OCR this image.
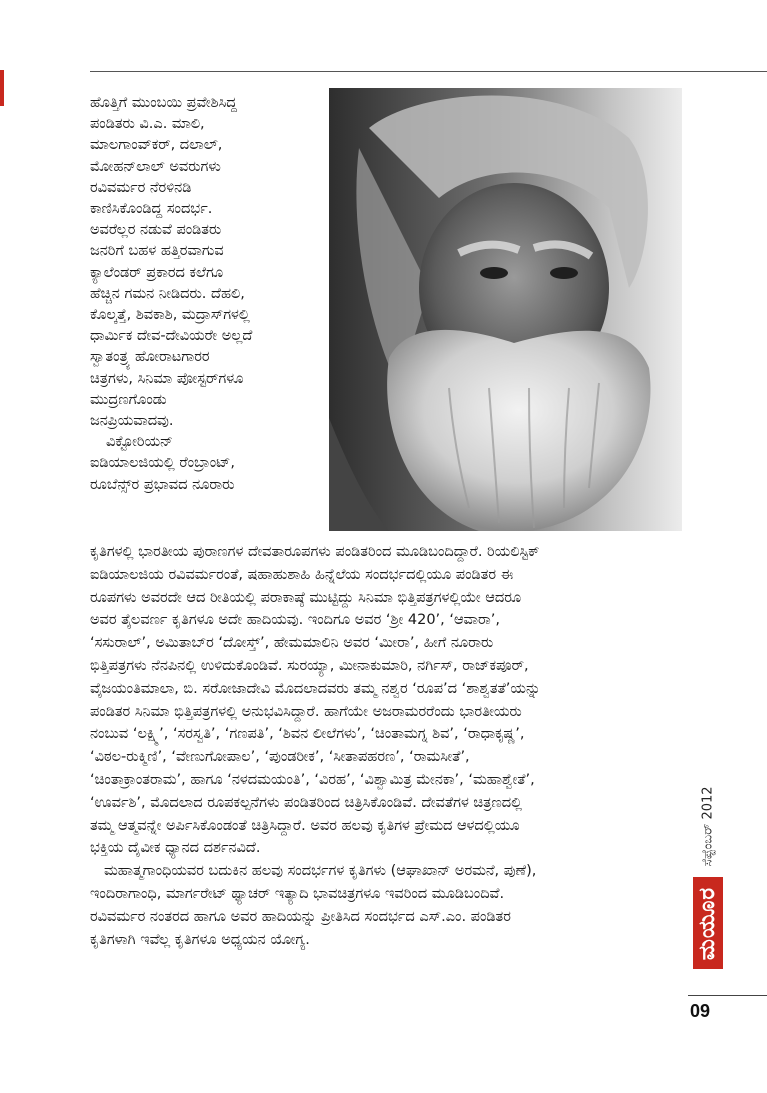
ಹೊತ್ತಿಗೆ ಮುಂಬಯಿ ಪ್ರವೇಶಿಸಿದ್ದ

ಪಂಡಿತರು ವಿ.ಎ. ಮಾಲಿ,

ಮಾಲಗಾಂವ್‌ಕರ್, ದಲಾಲ್,

ಮೋಹನ್‌ಲಾಲ್ ಅವರುಗಳು

ರವಿವರ್ಮರ ನೆರಳಿನಡಿ

ಕಾಣಿಸಿಕೊಂಡಿದ್ದ ಸಂದರ್ಭ.

ಅವರೆಲ್ಲರ ನಡುವೆ ಪಂಡಿತರು

ಜನರಿಗೆ ಬಹಳ ಹತ್ತಿರವಾಗುವ

ಕ್ಯಾಲೆಂಡರ್ ಪ್ರಕಾರದ ಕಲೆಗೂ

ಹೆಚ್ಚಿನ ಗಮನ ನೀಡಿದರು. ದೆಹಲಿ,

ಕೊಲ್ಕತ್ತೆ, ಶಿವಕಾಶಿ, ಮದ್ರಾಸ್‌ಗಳಲ್ಲಿ

ಧಾರ್ಮಿಕ ದೇವ-ದೇವಿಯರೇ ಅಲ್ಲದೆ

ಸ್ವಾತಂತ್ರ್ಯ ಹೋರಾಟಗಾರರ

ಚಿತ್ರಗಳು, ಸಿನಿಮಾ ಪೋಸ್ಟರ್‌ಗಳೂ

ಮುದ್ರಣಗೊಂಡು

ಜನಪ್ರಿಯವಾದವು.

ವಿಕ್ಟೋರಿಯನ್

ಐಡಿಯಾಲಜಿಯಲ್ಲಿ ರೆಂಬ್ರಾಂಟ್,

ರೂಬೆನ್ಸ್‌ರ ಪ್ರಭಾವದ ನೂರಾರು

ಕೃತಿಗಳಲ್ಲಿ ಭಾರತೀಯ ಪುರಾಣಗಳ ದೇವತಾರೂಪಗಳು ಪಂಡಿತರಿಂದ ಮೂಡಿಬಂದಿದ್ದಾರೆ. ರಿಯಲಿಸ್ಟಿಕ್
ಐಡಿಯಾಲಜಿಯ ರವಿವರ್ಮರಂತೆ, ಷಹಾಹುಶಾಹಿ ಹಿನ್ನೆಲೆಯ ಸಂದರ್ಭದಲ್ಲಿಯೂ ಪಂಡಿತರ ಈ
ರೂಪಗಳು ಅವರದೇ ಆದ ರೀತಿಯಲ್ಲಿ ಪರಾಕಾಷ್ಠೆ ಮುಟ್ಟಿದ್ದು ಸಿನಿಮಾ ಭಿತ್ತಿಪತ್ರಗಳಲ್ಲಿಯೇ ಆದರೂ
ಅವರ ತೈಲವರ್ಣ ಕೃತಿಗಳೂ ಅದೇ ಹಾದಿಯವು. ಇಂದಿಗೂ ಅವರ ‘ಶ್ರೀ 420’, ‘ಆವಾರಾ’,
‘ಸಸುರಾಲ್’, ಅಮಿತಾಬ್‌ರ ‘ದೋಸ್ತ್’, ಹೇಮಮಾಲಿನಿ ಅವರ ‘ಮೀರಾ’, ಹೀಗೆ ನೂರಾರು
ಭಿತ್ತಿಪತ್ರಗಳು ನೆನಪಿನಲ್ಲಿ ಉಳಿದುಕೊಂಡಿವೆ. ಸುರಯ್ಯಾ, ಮೀನಾಕುಮಾರಿ, ನರ್ಗಿಸ್, ರಾಜ್‌ಕಪೂರ್,
ವೈಜಯಂತಿಮಾಲಾ, ಬಿ. ಸರೋಜಾದೇವಿ ಮೊದಲಾದವರು ತಮ್ಮ ನಶ್ವರ ‘ರೂಪ’ದ ‘ಶಾಶ್ವತತೆ’ಯನ್ನು
ಪಂಡಿತರ ಸಿನಿಮಾ ಭಿತ್ತಿಪತ್ರಗಳಲ್ಲಿ ಅನುಭವಿಸಿದ್ದಾರೆ. ಹಾಗೆಯೇ ಅಜರಾಮರರೆಂದು ಭಾರತೀಯರು
ನಂಬುವ ‘ಲಕ್ಷ್ಮಿ’, ‘ಸರಸ್ವತಿ’, ‘ಗಣಪತಿ’, ‘ಶಿವನ ಲೀಲೆಗಳು’, ‘ಚಿಂತಾಮಗ್ನ ಶಿವ’, ‘ರಾಧಾಕೃಷ್ಣ’,
‘ವಿಠಲ-ರುಕ್ಮಿಣಿ’, ‘ವೇಣುಗೋಪಾಲ’, ‘ಪುಂಡರೀಕ’, ‘ಸೀತಾಪಹರಣ’, ‘ರಾಮಸೀತೆ’,
‘ಚಿಂತಾಕ್ರಾಂತರಾಮ’, ಹಾಗೂ ‘ನಳದಮಯಂತಿ’, ‘ವಿರಹ’, ‘ವಿಶ್ವಾಮಿತ್ರ ಮೇನಕಾ’, ‘ಮಹಾಶ್ವೇತೆ’,
‘ಊರ್ವಶಿ’, ಮೊದಲಾದ ರೂಪಕಲ್ಪನೆಗಳು ಪಂಡಿತರಿಂದ ಚಿತ್ರಿಸಿಕೊಂಡಿವೆ. ದೇವತೆಗಳ ಚಿತ್ರಣದಲ್ಲಿ
ತಮ್ಮ ಆತ್ಮವನ್ನೇ ಅರ್ಪಿಸಿಕೊಂಡಂತೆ ಚಿತ್ರಿಸಿದ್ದಾರೆ. ಅವರ ಹಲವು ಕೃತಿಗಳ ಪ್ರೇಮದ ಆಳದಲ್ಲಿಯೂ
ಭಕ್ತಿಯ ದೈವೀಕ ಧ್ಯಾನದ ದರ್ಶನವಿದೆ.
ಮಹಾತ್ಮಗಾಂಧಿಯವರ ಬದುಕಿನ ಹಲವು ಸಂದರ್ಭಗಳ ಕೃತಿಗಳು (ಆಘಾಖಾನ್ ಅರಮನೆ, ಪುಣೆ),
ಇಂದಿರಾಗಾಂಧಿ, ಮಾರ್ಗರೇಟ್ ಥ್ಯಾಚರ್ ಇತ್ಯಾದಿ ಭಾವಚಿತ್ರಗಳೂ ಇವರಿಂದ ಮೂಡಿಬಂದಿವೆ.
ರವಿವರ್ಮರ ನಂತರದ ಹಾಗೂ ಅವರ ಹಾದಿಯನ್ನು ಪ್ರೀತಿಸಿದ ಸಂದರ್ಭದ ಎಸ್.ಎಂ. ಪಂಡಿತರ
ಕೃತಿಗಳಾಗಿ ಇವೆಲ್ಲ ಕೃತಿಗಳೂ ಅಧ್ಯಯನ ಯೋಗ್ಯ.
ಸೆಪ್ಟೆಂಬರ್ 2012
ಮಯೂರ
09
